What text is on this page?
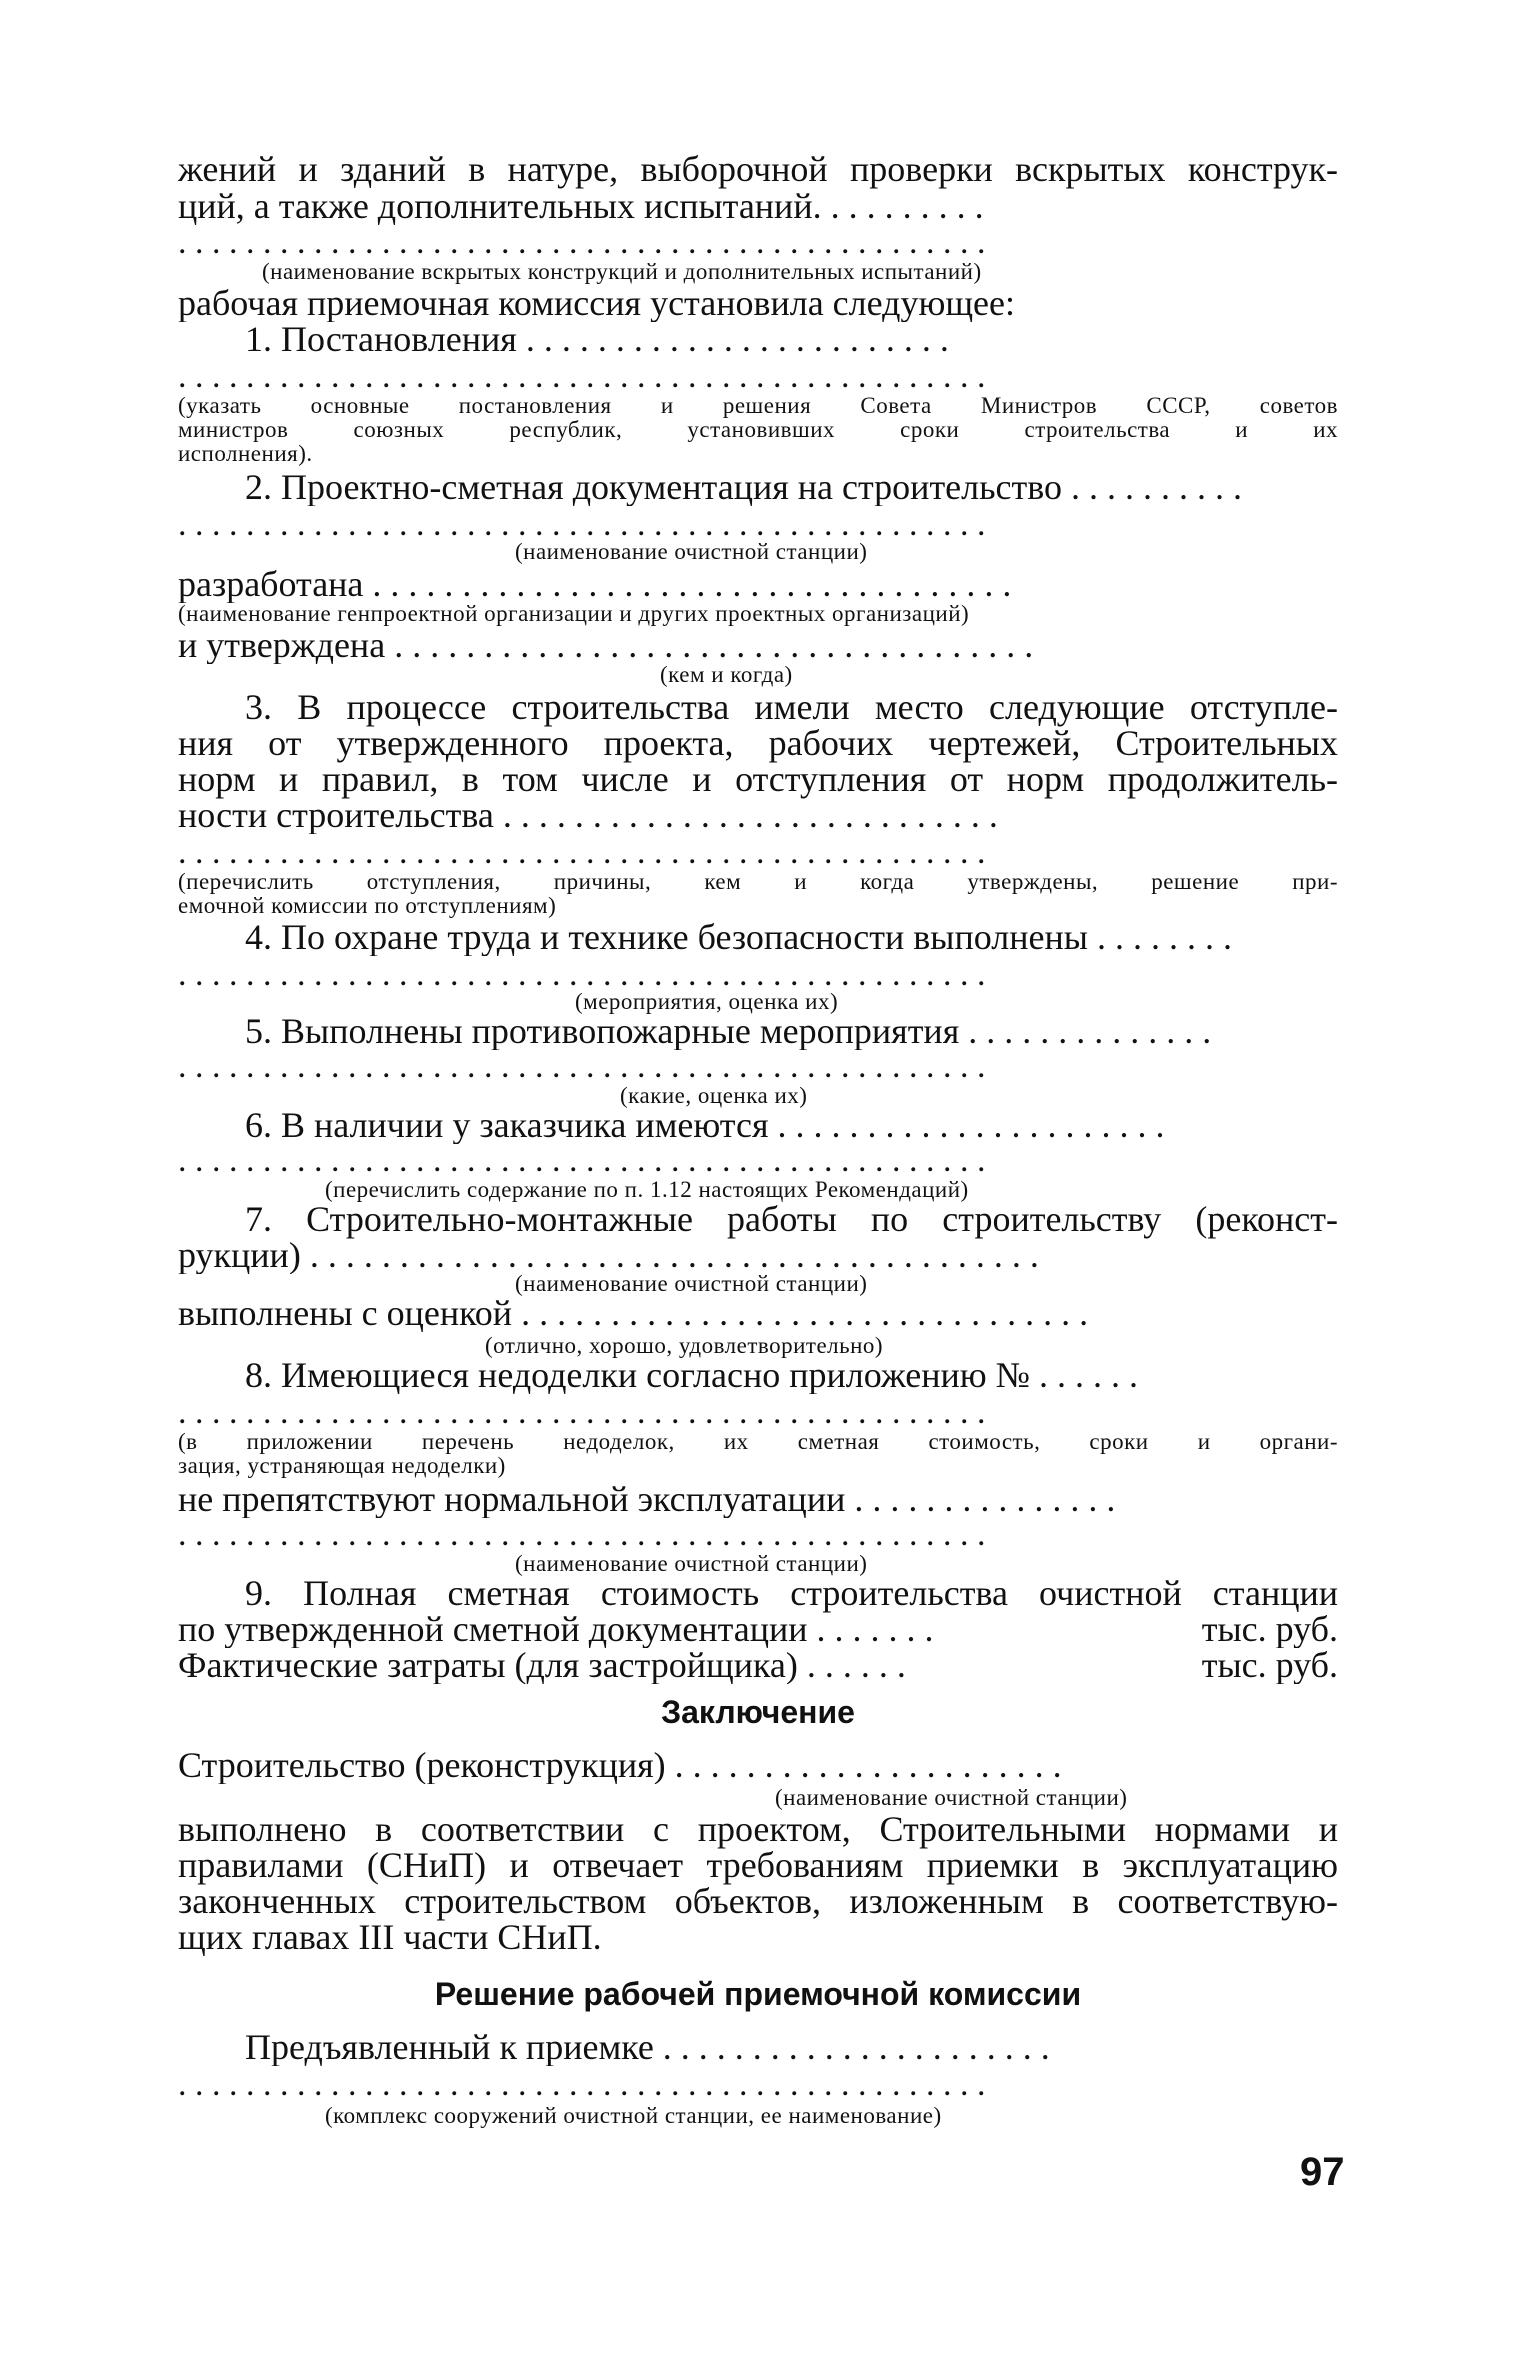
жений и зданий в натуре, выборочной проверки вскрытых конструк-
ций, а также дополнительных испытаний. . . . . . . . . .
. . . . . . . . . . . . . . . . . . . . . . . . . . . . . . . . . . . . . . . . . . . . . . . .
(наименование вскрытых конструкций и дополнительных испытаний)
рабочая приемочная комиссия установила следующее:
1. Постановления . . . . . . . . . . . . . . . . . . . . . . . .
. . . . . . . . . . . . . . . . . . . . . . . . . . . . . . . . . . . . . . . . . . . . . . . .
(указать основные постановления и решения Совета Министров СССР, советов
министров союзных республик, установивших сроки строительства и их
исполнения).
2. Проектно-сметная документация на строительство . . . . . . . . . .
. . . . . . . . . . . . . . . . . . . . . . . . . . . . . . . . . . . . . . . . . . . . . . . .
(наименование очистной станции)
разработана . . . . . . . . . . . . . . . . . . . . . . . . . . . . . . . . . . . .
(наименование генпроектной организации и других проектных организаций)
и утверждена . . . . . . . . . . . . . . . . . . . . . . . . . . . . . . . . . . . .
(кем и когда)
3. В процессе строительства имели место следующие отступле-
ния от утвержденного проекта, рабочих чертежей, Строительных
норм и правил, в том числе и отступления от норм продолжитель-
ности строительства . . . . . . . . . . . . . . . . . . . . . . . . . . . .
. . . . . . . . . . . . . . . . . . . . . . . . . . . . . . . . . . . . . . . . . . . . . . . .
(перечислить отступления, причины, кем и когда утверждены, решение при-
емочной комиссии по отступлениям)
4. По охране труда и технике безопасности выполнены . . . . . . . .
. . . . . . . . . . . . . . . . . . . . . . . . . . . . . . . . . . . . . . . . . . . . . . . .
(мероприятия, оценка их)
5. Выполнены противопожарные мероприятия . . . . . . . . . . . . . .
. . . . . . . . . . . . . . . . . . . . . . . . . . . . . . . . . . . . . . . . . . . . . . . .
(какие, оценка их)
6. В наличии у заказчика имеются . . . . . . . . . . . . . . . . . . . . . .
. . . . . . . . . . . . . . . . . . . . . . . . . . . . . . . . . . . . . . . . . . . . . . . .
(перечислить содержание по п. 1.12 настоящих Рекомендаций)
7. Строительно-монтажные работы по строительству (реконст-
рукции) . . . . . . . . . . . . . . . . . . . . . . . . . . . . . . . . . . . . . . . . .
(наименование очистной станции)
выполнены с оценкой . . . . . . . . . . . . . . . . . . . . . . . . . . . . . . . .
(отлично, хорошо, удовлетворительно)
8. Имеющиеся недоделки согласно приложению № . . . . . .
. . . . . . . . . . . . . . . . . . . . . . . . . . . . . . . . . . . . . . . . . . . . . . . .
(в приложении перечень недоделок, их сметная стоимость, сроки и органи-
зация, устраняющая недоделки)
не препятствуют нормальной эксплуатации . . . . . . . . . . . . . . .
. . . . . . . . . . . . . . . . . . . . . . . . . . . . . . . . . . . . . . . . . . . . . . . .
(наименование очистной станции)
9. Полная сметная стоимость строительства очистной станции
по утвержденной сметной документации . . . . . . .	тыс. руб.
Фактические затраты (для застройщика) . . . . . .	тыс. руб.
Заключение
Строительство (реконструкция) . . . . . . . . . . . . . . . . . . . . . .
(наименование очистной станции)
выполнено в соответствии с проектом, Строительными нормами и
правилами (СНиП) и отвечает требованиям приемки в эксплуатацию
законченных строительством объектов, изложенным в соответствую-
щих главах III части СНиП.
Решение рабочей приемочной комиссии
Предъявленный к приемке . . . . . . . . . . . . . . . . . . . . . .
. . . . . . . . . . . . . . . . . . . . . . . . . . . . . . . . . . . . . . . . . . . . . . . .
(комплекс сооружений очистной станции, ее наименование)
97
